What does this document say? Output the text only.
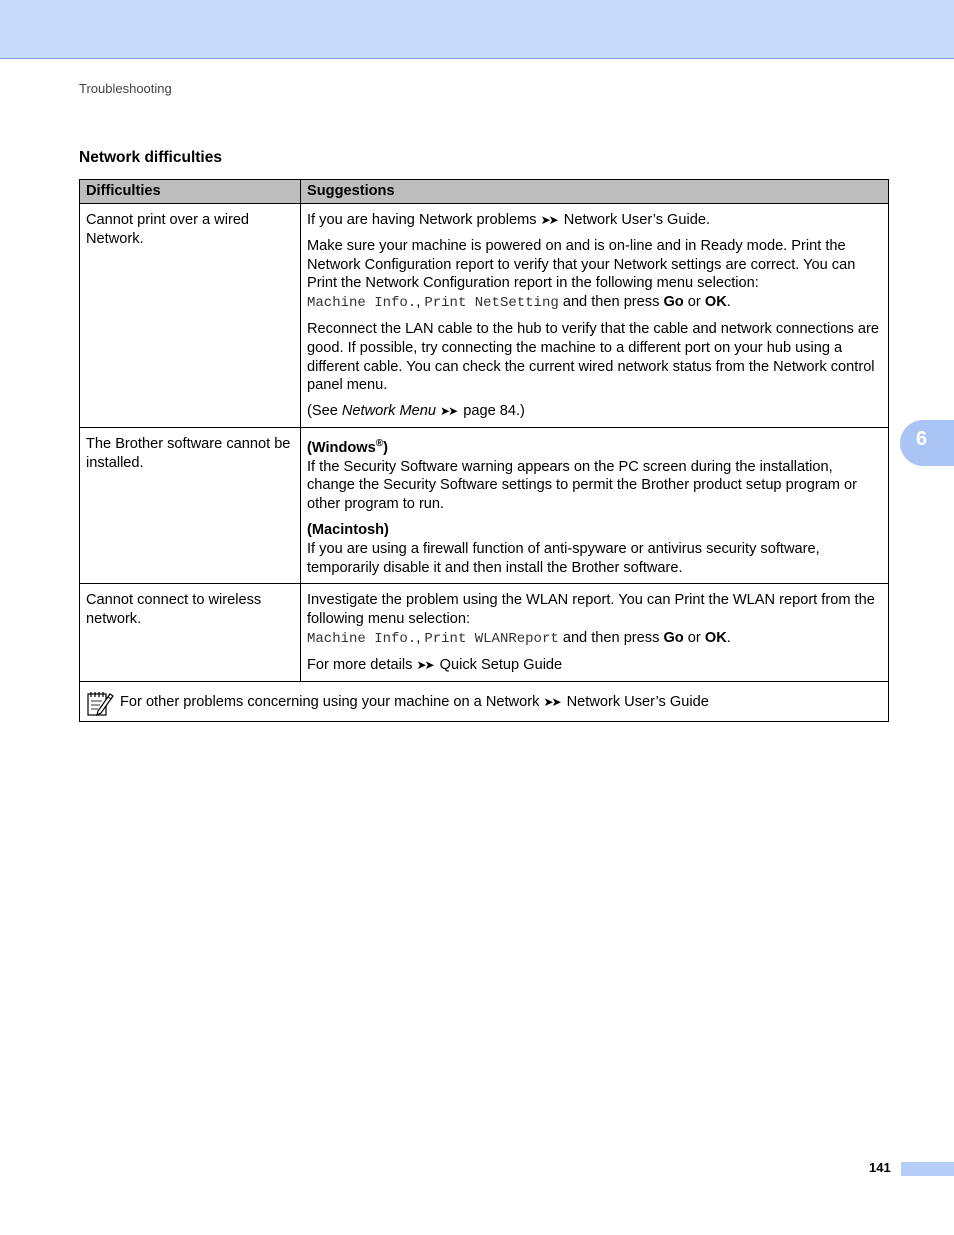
Troubleshooting
Network difficulties
Difficulties	Suggestions
Cannot print over a wired Network.	If you are having Network problems ➤➤ Network User’s Guide.

Make sure your machine is powered on and is on-line and in Ready mode. Print the Network Configuration report to verify that your Network settings are correct. You can Print the Network Configuration report in the following menu selection:
Machine Info., Print NetSetting and then press Go or OK.

Reconnect the LAN cable to the hub to verify that the cable and network connections are good. If possible, try connecting the machine to a different port on your hub using a different cable. You can check the current wired network status from the Network control panel menu.

(See Network Menu ➤➤ page 84.)

The Brother software cannot be installed.	(Windows®)
If the Security Software warning appears on the PC screen during the installation, change the Security Software settings to permit the Brother product setup program or other program to run.

(Macintosh)
If you are using a firewall function of anti-spyware or antivirus security software, temporarily disable it and then install the Brother software.

Cannot connect to wireless network.	Investigate the problem using the WLAN report. You can Print the WLAN report from the following menu selection:
Machine Info., Print WLANReport and then press Go or OK.

For more details ➤➤ Quick Setup Guide

For other problems concerning using your machine on a Network ➤➤ Network User’s Guide	
6
141
